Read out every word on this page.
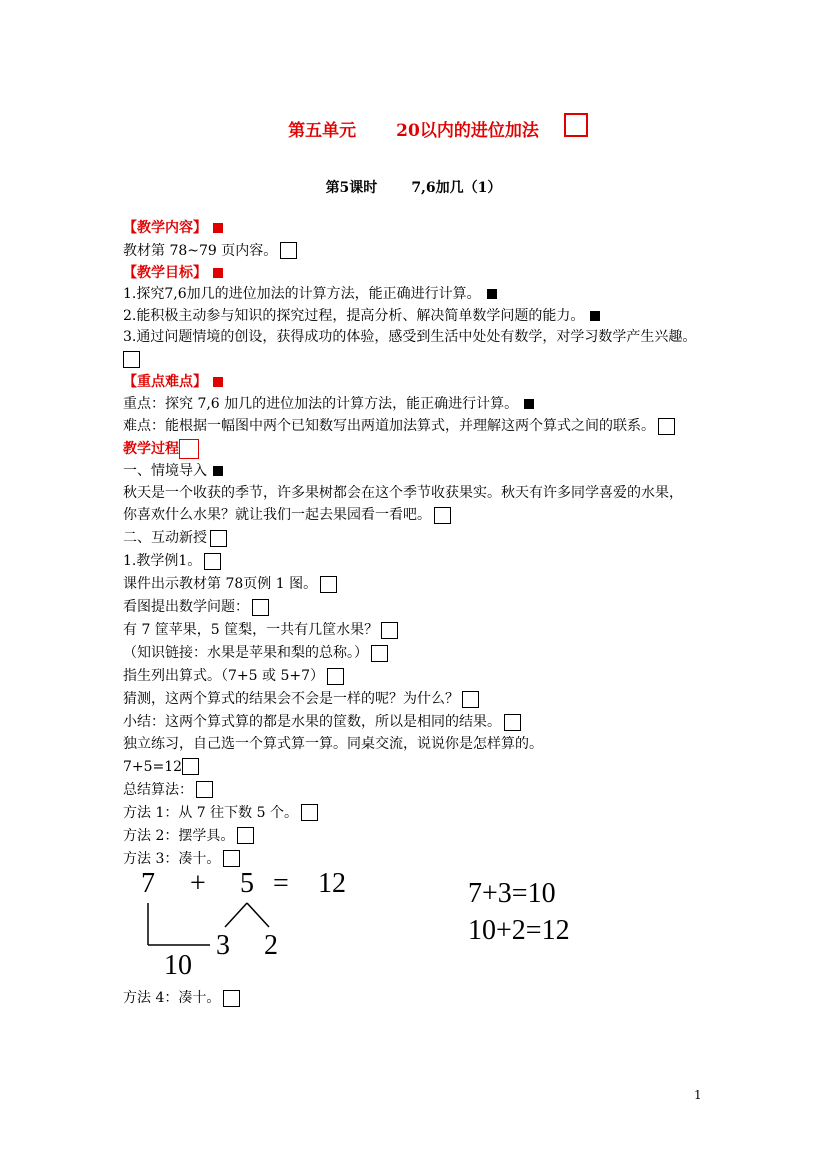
第五单元 20以内的进位加法
第5课时 7,6加几（1）
【教学内容】
教材第 78~79 页内容。
【教学目标】
1.探究7,6加几的进位加法的计算方法，能正确进行计算。
2.能积极主动参与知识的探究过程，提高分析、解决简单数学问题的能力。
3.通过问题情境的创设，获得成功的体验，感受到生活中处处有数学，对学习数学产生兴趣。
【重点难点】
重点：探究 7,6 加几的进位加法的计算方法，能正确进行计算。
难点：能根据一幅图中两个已知数写出两道加法算式，并理解这两个算式之间的联系。
教学过程
一、情境导入
秋天是一个收获的季节，许多果树都会在这个季节收获果实。秋天有许多同学喜爱的水果，
你喜欢什么水果？就让我们一起去果园看一看吧。
二、互动新授
1.教学例1。
课件出示教材第 78页例 1 图。
看图提出数学问题：
有 7 筐苹果，5 筐梨，一共有几筐水果？
（知识链接：水果是苹果和梨的总称。）
指生列出算式。（7+5 或 5+7）
猜测，这两个算式的结果会不会是一样的呢？为什么？
小结：这两个算式算的都是水果的筐数，所以是相同的结果。
独立练习，自己选一个算式算一算。同桌交流，说说你是怎样算的。
7+5=12
总结算法：
方法 1：从 7 往下数 5 个。
方法 2：摆学具。
方法 3：凑十。
7 + 5 = 12
3 2
10
7+3=10
10+2=12
方法 4：凑十。
1
